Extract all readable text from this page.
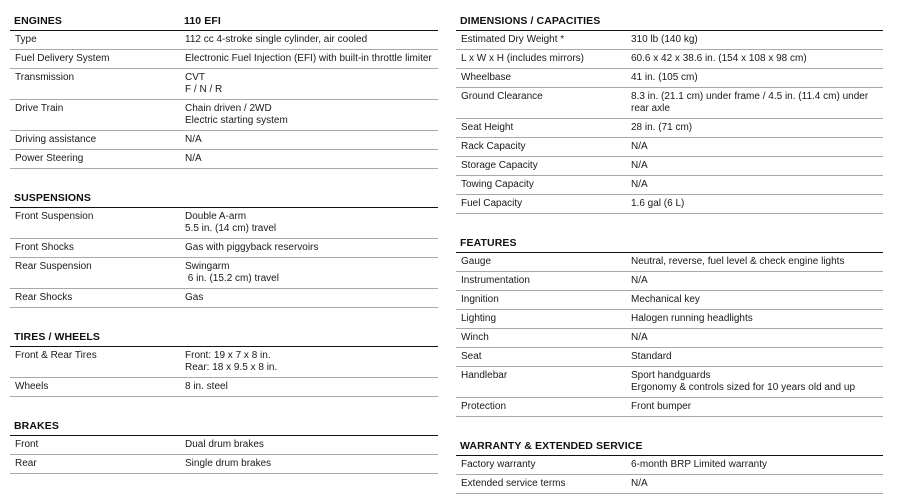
ENGINES	110 EFI
Type	112 cc 4-stroke single cylinder, air cooled
Fuel Delivery System	Electronic Fuel Injection (EFI) with built-in throttle limiter
Transmission	CVT
F / N / R
Drive Train	Chain driven / 2WD
Electric starting system
Driving assistance	N/A
Power Steering	N/A
SUSPENSIONS
Front Suspension	Double A-arm
5.5 in. (14 cm) travel
Front Shocks	Gas with piggyback reservoirs
Rear Suspension	Swingarm
6 in. (15.2 cm) travel
Rear Shocks	Gas
TIRES / WHEELS
Front & Rear Tires	Front: 19 x 7 x 8 in.
Rear: 18 x 9.5 x 8 in.
Wheels	8 in. steel
BRAKES
Front	Dual drum brakes
Rear	Single drum brakes
DIMENSIONS / CAPACITIES
Estimated Dry Weight *	310 lb (140 kg)
L x W x H (includes mirrors)	60.6 x 42 x 38.6 in. (154 x 108 x 98 cm)
Wheelbase	41 in. (105 cm)
Ground Clearance	8.3 in. (21.1 cm) under frame / 4.5 in. (11.4 cm) under rear axle
Seat Height	28 in. (71 cm)
Rack Capacity	N/A
Storage Capacity	N/A
Towing Capacity	N/A
Fuel Capacity	1.6 gal (6 L)
FEATURES
Gauge	Neutral, reverse, fuel level & check engine lights
Instrumentation	N/A
Ingnition	Mechanical key
Lighting	Halogen running headlights
Winch	N/A
Seat	Standard
Handlebar	Sport handguards
Ergonomy & controls sized for 10 years old and up
Protection	Front bumper
WARRANTY & EXTENDED SERVICE
Factory warranty	6-month BRP Limited warranty
Extended service terms	N/A
